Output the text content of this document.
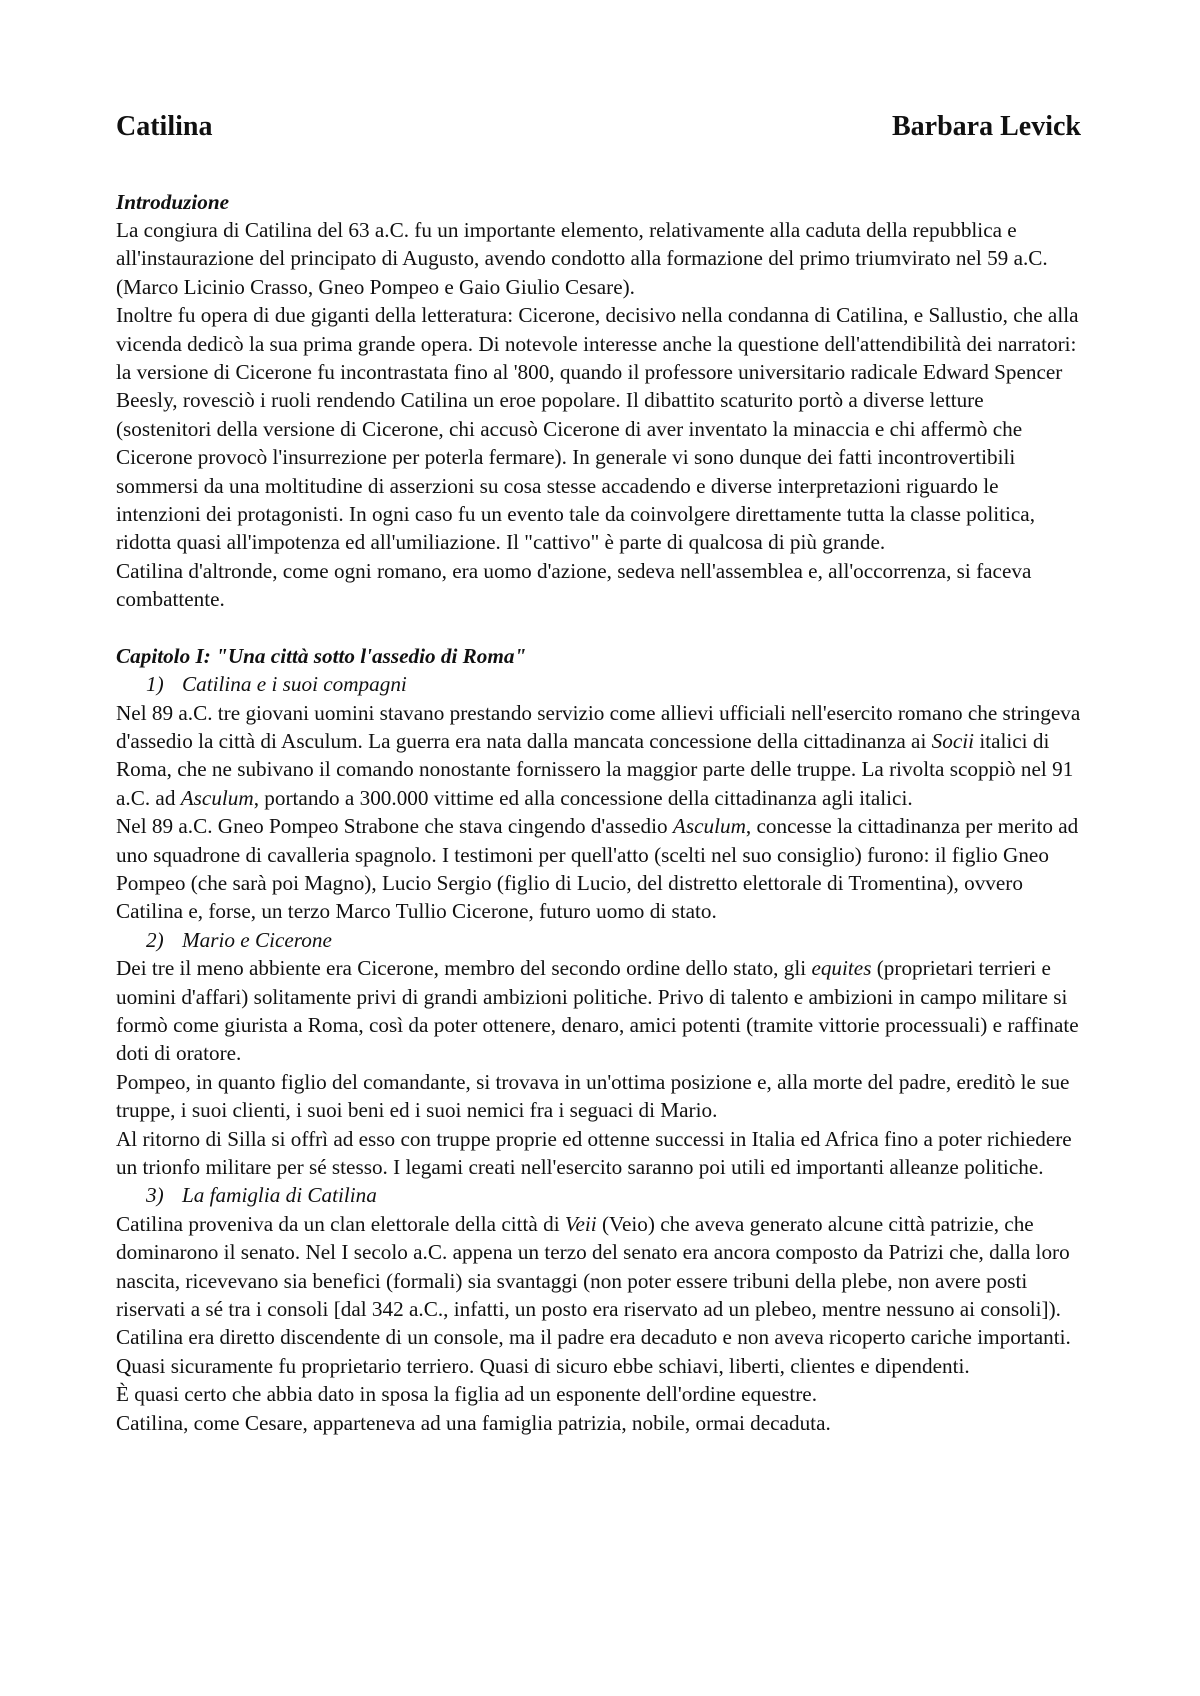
Catilina	Barbara Levick

Introduzione

La congiura di Catilina del 63 a.C. fu un importante elemento, relativamente alla caduta della repubblica e all'instaurazione del principato di Augusto, avendo condotto alla formazione del primo triumvirato nel 59 a.C. (Marco Licinio Crasso, Gneo Pompeo e Gaio Giulio Cesare).

Inoltre fu opera di due giganti della letteratura: Cicerone, decisivo nella condanna di Catilina, e Sallustio, che alla vicenda dedicò la sua prima grande opera. Di notevole interesse anche la questione dell'attendibilità dei narratori: la versione di Cicerone fu incontrastata fino al '800, quando il professore universitario radicale Edward Spencer Beesly, rovesciò i ruoli rendendo Catilina un eroe popolare. Il dibattito scaturito portò a diverse letture (sostenitori della versione di Cicerone, chi accusò Cicerone di aver inventato la minaccia e chi affermò che Cicerone provocò l'insurrezione per poterla fermare). In generale vi sono dunque dei fatti incontrovertibili sommersi da una moltitudine di asserzioni su cosa stesse accadendo e diverse interpretazioni riguardo le intenzioni dei protagonisti. In ogni caso fu un evento tale da coinvolgere direttamente tutta la classe politica, ridotta quasi all'impotenza ed all'umiliazione. Il "cattivo" è parte di qualcosa di più grande.

Catilina d'altronde, come ogni romano, era uomo d'azione, sedeva nell'assemblea e, all'occorrenza, si faceva combattente.

Capitolo I: "Una città sotto l'assedio di Roma"

1) Catilina e i suoi compagni

Nel 89 a.C. tre giovani uomini stavano prestando servizio come allievi ufficiali nell'esercito romano che stringeva d'assedio la città di Asculum. La guerra era nata dalla mancata concessione della cittadinanza ai Socii italici di Roma, che ne subivano il comando nonostante fornissero la maggior parte delle truppe. La rivolta scoppiò nel 91 a.C. ad Asculum, portando a 300.000 vittime ed alla concessione della cittadinanza agli italici.

Nel 89 a.C. Gneo Pompeo Strabone che stava cingendo d'assedio Asculum, concesse la cittadinanza per merito ad uno squadrone di cavalleria spagnolo. I testimoni per quell'atto (scelti nel suo consiglio) furono: il figlio Gneo Pompeo (che sarà poi Magno), Lucio Sergio (figlio di Lucio, del distretto elettorale di Tromentina), ovvero Catilina e, forse, un terzo Marco Tullio Cicerone, futuro uomo di stato.

2) Mario e Cicerone

Dei tre il meno abbiente era Cicerone, membro del secondo ordine dello stato, gli equites (proprietari terrieri e uomini d'affari) solitamente privi di grandi ambizioni politiche. Privo di talento e ambizioni in campo militare si formò come giurista a Roma, così da poter ottenere, denaro, amici potenti (tramite vittorie processuali) e raffinate doti di oratore.

Pompeo, in quanto figlio del comandante, si trovava in un'ottima posizione e, alla morte del padre, ereditò le sue truppe, i suoi clienti, i suoi beni ed i suoi nemici fra i seguaci di Mario.

Al ritorno di Silla si offrì ad esso con truppe proprie ed ottenne successi in Italia ed Africa fino a poter richiedere un trionfo militare per sé stesso. I legami creati nell'esercito saranno poi utili ed importanti alleanze politiche.

3) La famiglia di Catilina

Catilina proveniva da un clan elettorale della città di Veii (Veio) che aveva generato alcune città patrizie, che dominarono il senato. Nel I secolo a.C. appena un terzo del senato era ancora composto da Patrizi che, dalla loro nascita, ricevevano sia benefici (formali) sia svantaggi (non poter essere tribuni della plebe, non avere posti riservati a sé tra i consoli [dal 342 a.C., infatti, un posto era riservato ad un plebeo, mentre nessuno ai consoli]). Catilina era diretto discendente di un console, ma il padre era decaduto e non aveva ricoperto cariche importanti. Quasi sicuramente fu proprietario terriero. Quasi di sicuro ebbe schiavi, liberti, clientes e dipendenti.

È quasi certo che abbia dato in sposa la figlia ad un esponente dell'ordine equestre.

Catilina, come Cesare, apparteneva ad una famiglia patrizia, nobile, ormai decaduta.
